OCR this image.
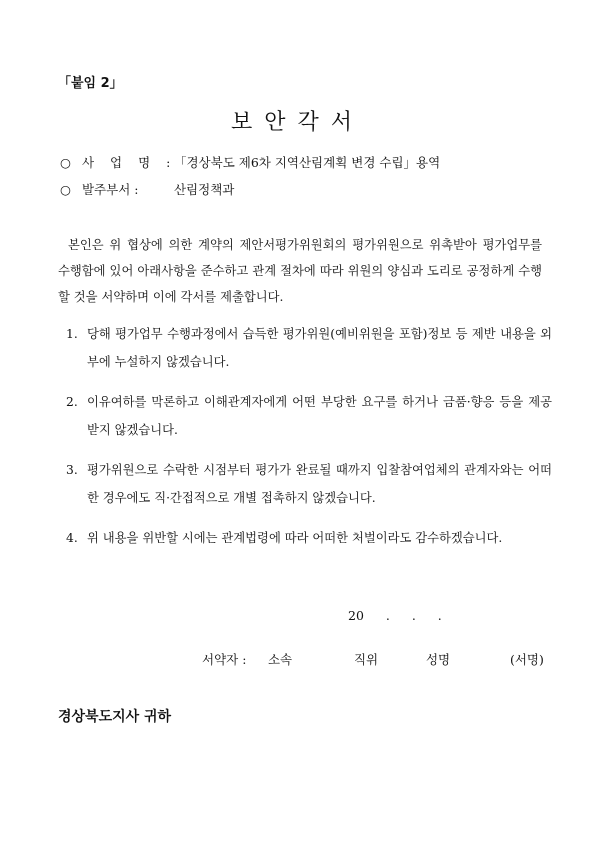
「붙임 2」
보안각서
○ 사 업 명 : 「경상북도 제6차 지역산림계획 변경 수립」용역
○ 발주부서 :	산림정책과

본인은 위 협상에 의한 계약의 제안서평가위원회의 평가위원으로 위촉받아 평가업무를 수행함에 있어 아래사항을 준수하고 관계 절차에 따라 위원의 양심과 도리로 공정하게 수행할 것을 서약하며 이에 각서를 제출합니다.

1. 당해 평가업무 수행과정에서 습득한 평가위원(예비위원을 포함)정보 등 제반 내용을 외부에 누설하지 않겠습니다.
2. 이유여하를 막론하고 이해관계자에게 어떤 부당한 요구를 하거나 금품·향응 등을 제공받지 않겠습니다.
3. 평가위원으로 수락한 시점부터 평가가 완료될 때까지 입찰참여업체의 관계자와는 어떠한 경우에도 직·간접적으로 개별 접촉하지 않겠습니다.
4. 위 내용을 위반할 시에는 관계법령에 따라 어떠한 처벌이라도 감수하겠습니다.
20 . . .
서약자 : 소속	직위	성명	(서명)
경상북도지사 귀하
